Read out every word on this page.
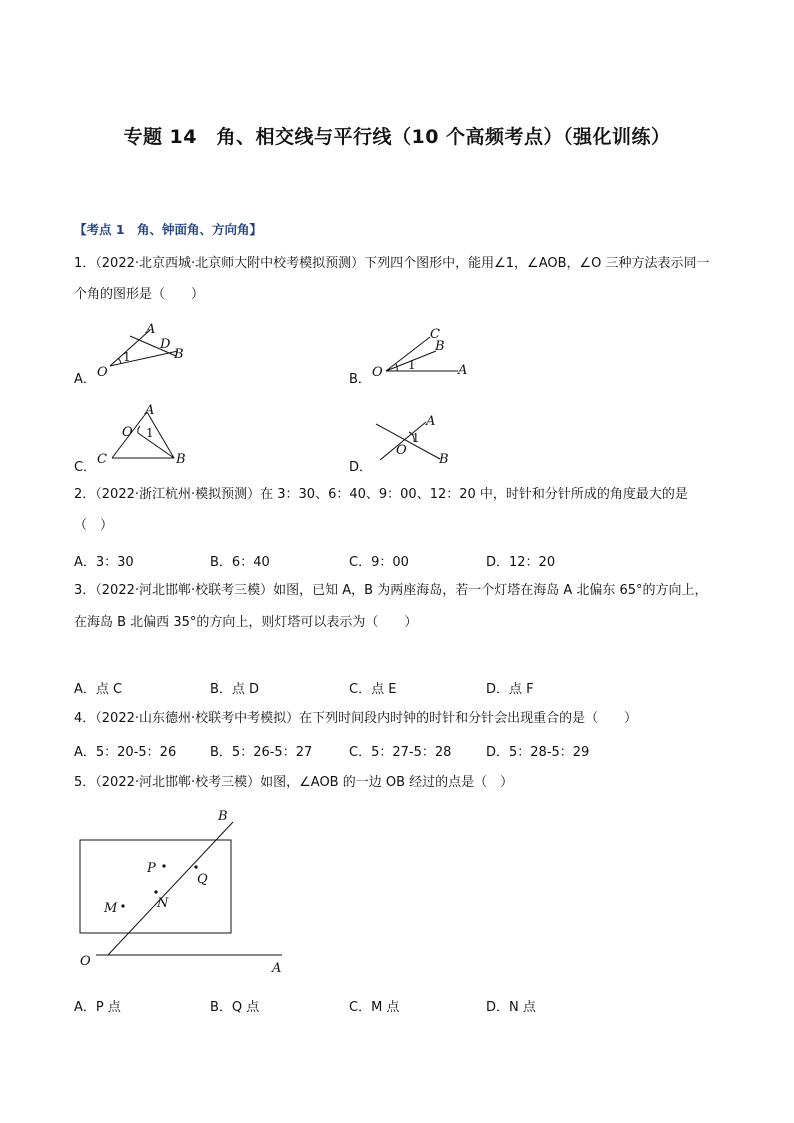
专题 14　角、相交线与平行线（10 个高频考点）（强化训练）
【考点 1　角、钟面角、方向角】
1．（2022·北京西城·北京师大附中校考模拟预测）下列四个图形中，能用∠1，∠AOB，∠O 三种方法表示同一
个角的图形是（　　）
A．	B．
C．	D．
A
D
B
O
1
C
B
O 1	A
A
O 1
C	B
A
1
O
B
2．（2022·浙江杭州·模拟预测）在 3：30、6：40、9：00、12：20 中，时针和分针所成的角度最大的是
（　）
A．3：30	B．6：40	C．9：00	D．12：20
3．（2022·河北邯郸·校联考三模）如图，已知 A，B 为两座海岛，若一个灯塔在海岛 A 北偏东 65°的方向上，
在海岛 B 北偏西 35°的方向上，则灯塔可以表示为（　　）
A．点 C	B．点 D	C．点 E	D．点 F
4．（2022·山东德州·校联考中考模拟）在下列时间段内时钟的时针和分针会出现重合的是（　　）
A．5：20-5：26	B．5：26-5：27	C．5：27-5：28	D．5：28-5：29
5．（2022·河北邯郸·校考三模）如图，∠AOB 的一边 OB 经过的点是（　）
B
P
Q
M	N
O	A
A．P 点	B．Q 点	C．M 点	D．N 点
